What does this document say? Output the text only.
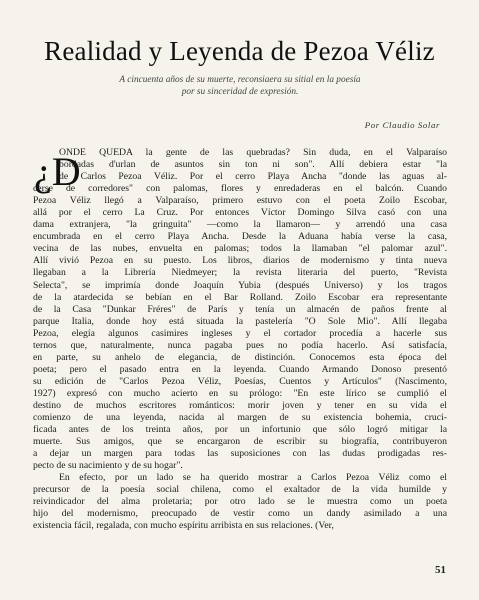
Realidad y Leyenda de Pezoa Véliz
A cincuenta años de su muerte, reconsiaera su sitial en la poesía
por su sinceridad de expresión.
Por Claudio Solar
¿D
ONDE QUEDA la gente de las quebradas? Sin duda, en el Valparaíso
bordadas d'urlan de asuntos sin ton ni son". Allí debiera estar "la
de Carlos Pezoa Véliz. Por el cerro Playa Ancha "donde las aguas al-
cerse de corredores" con palomas, flores y enredaderas en el balcón. Cuando
Pezoa Véliz llegó a Valparaíso, primero estuvo con el poeta Zoilo Escobar,
allá por el cerro La Cruz. Por entonces Víctor Domingo Silva casó con una
dama extranjera, "la gringuita" —como la llamaron— y arrendó una casa
encumbrada en el cerro Playa Ancha. Desde la Aduana había verse la casa,
vecina de las nubes, envuelta en palomas; todos la llamaban "el palomar azul".
Allí vivió Pezoa en su puesto. Los libros, diarios de modernismo y tinta nueva
llegaban a la Librería Niedmeyer; la revista literaria del puerto, "Revista
Selecta", se imprimía donde Joaquín Yubia (después Universo) y los tragos
de la atardecida se bebían en el Bar Rolland. Zoilo Escobar era representante
de la Casa "Dunkar Fréres" de París y tenía un almacén de paños frente al
parque Italia, donde hoy está situada la pastelería "O Sole Mio". Allí llegaba
Pezoa, elegía algunos casimires ingleses y el cortador procedía a hacerle sus
ternos que, naturalmente, nunca pagaba pues no podía hacerlo. Así satisfacía,
en parte, su anhelo de elegancia, de distinción. Conocemos esta época del
poeta; pero el pasado entra en la leyenda. Cuando Armando Donoso presentó
su edición de "Carlos Pezoa Véliz, Poesías, Cuentos y Artículos" (Nascimento,
1927) expresó con mucho acierto en su prólogo: "En este lírico se cumplió el
destino de muchos escritores románticos: morir joven y tener en su vida el
comienzo de una leyenda, nacida al margen de su existencia bohemia, cruci-
ficada antes de los treinta años, por un infortunio que sólo logró mitigar la
muerte. Sus amigos, que se encargaron de escribir su biografía, contribuyeron
a dejar un margen para todas las suposiciones con las dudas prodigadas res-
pecto de su nacimiento y de su hogar".
En efecto, por un lado se ha querido mostrar a Carlos Pezoa Véliz como el
precursor de la poesía social chilena, como el exaltador de la vida humilde y
reivindicador del alma proletaria; por otro lado se le muestra como un poeta
hijo del modernismo, preocupado de vestir como un dandy asimilado a una
existencia fácil, regalada, con mucho espíritu arribista en sus relaciones. (Ver,
51
